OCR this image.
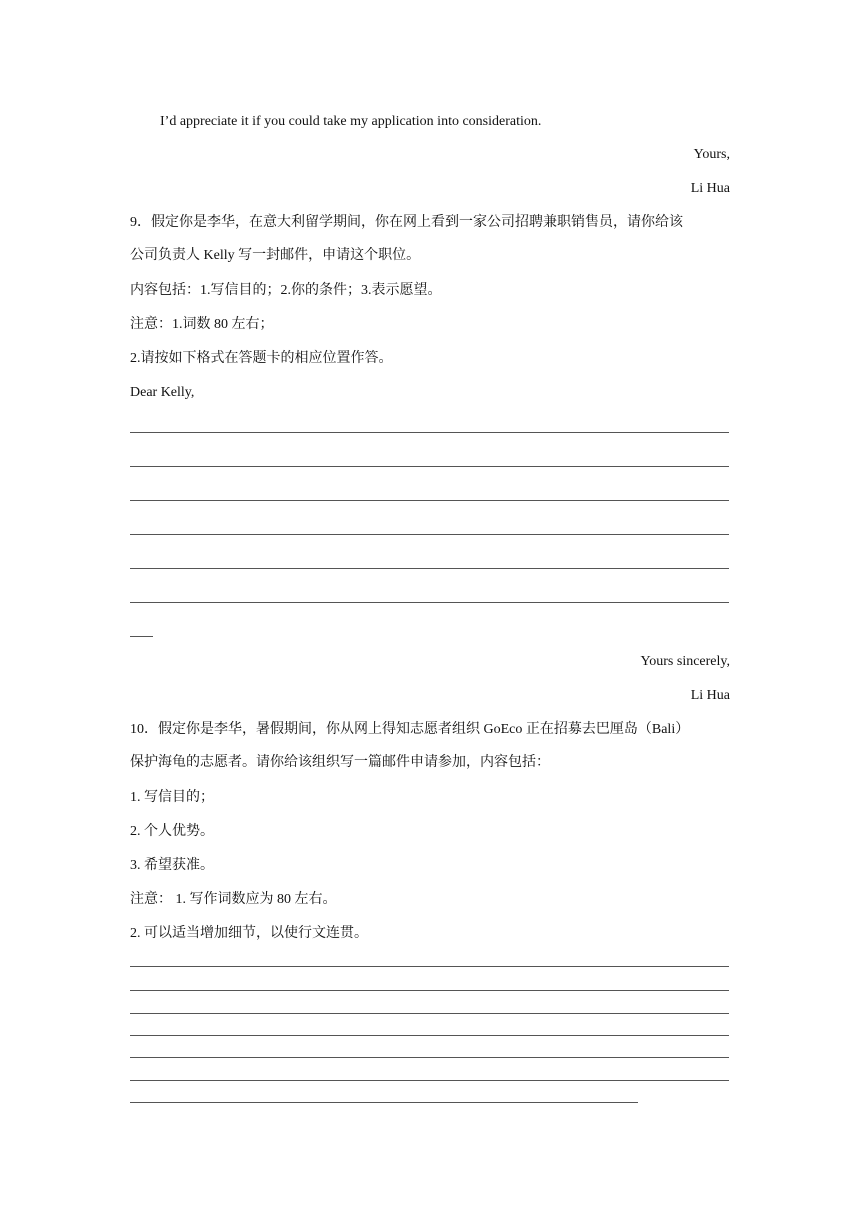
I’d appreciate it if you could take my application into consideration.
Yours,
Li Hua
9．假定你是李华，在意大利留学期间，你在网上看到一家公司招聘兼职销售员，请你给该
公司负责人 Kelly 写一封邮件，申请这个职位。
内容包括：1.写信目的；2.你的条件；3.表示愿望。
注意：1.词数 80 左右；
2.请按如下格式在答题卡的相应位置作答。
Dear Kelly,
Yours sincerely,
Li Hua
10．假定你是李华，暑假期间，你从网上得知志愿者组织 GoEco 正在招募去巴厘岛（Bali）
保护海龟的志愿者。请你给该组织写一篇邮件申请参加，内容包括：
1. 写信目的；
2. 个人优势。
3. 希望获准。
注意： 1. 写作词数应为 80 左右。
2. 可以适当增加细节，以使行文连贯。
